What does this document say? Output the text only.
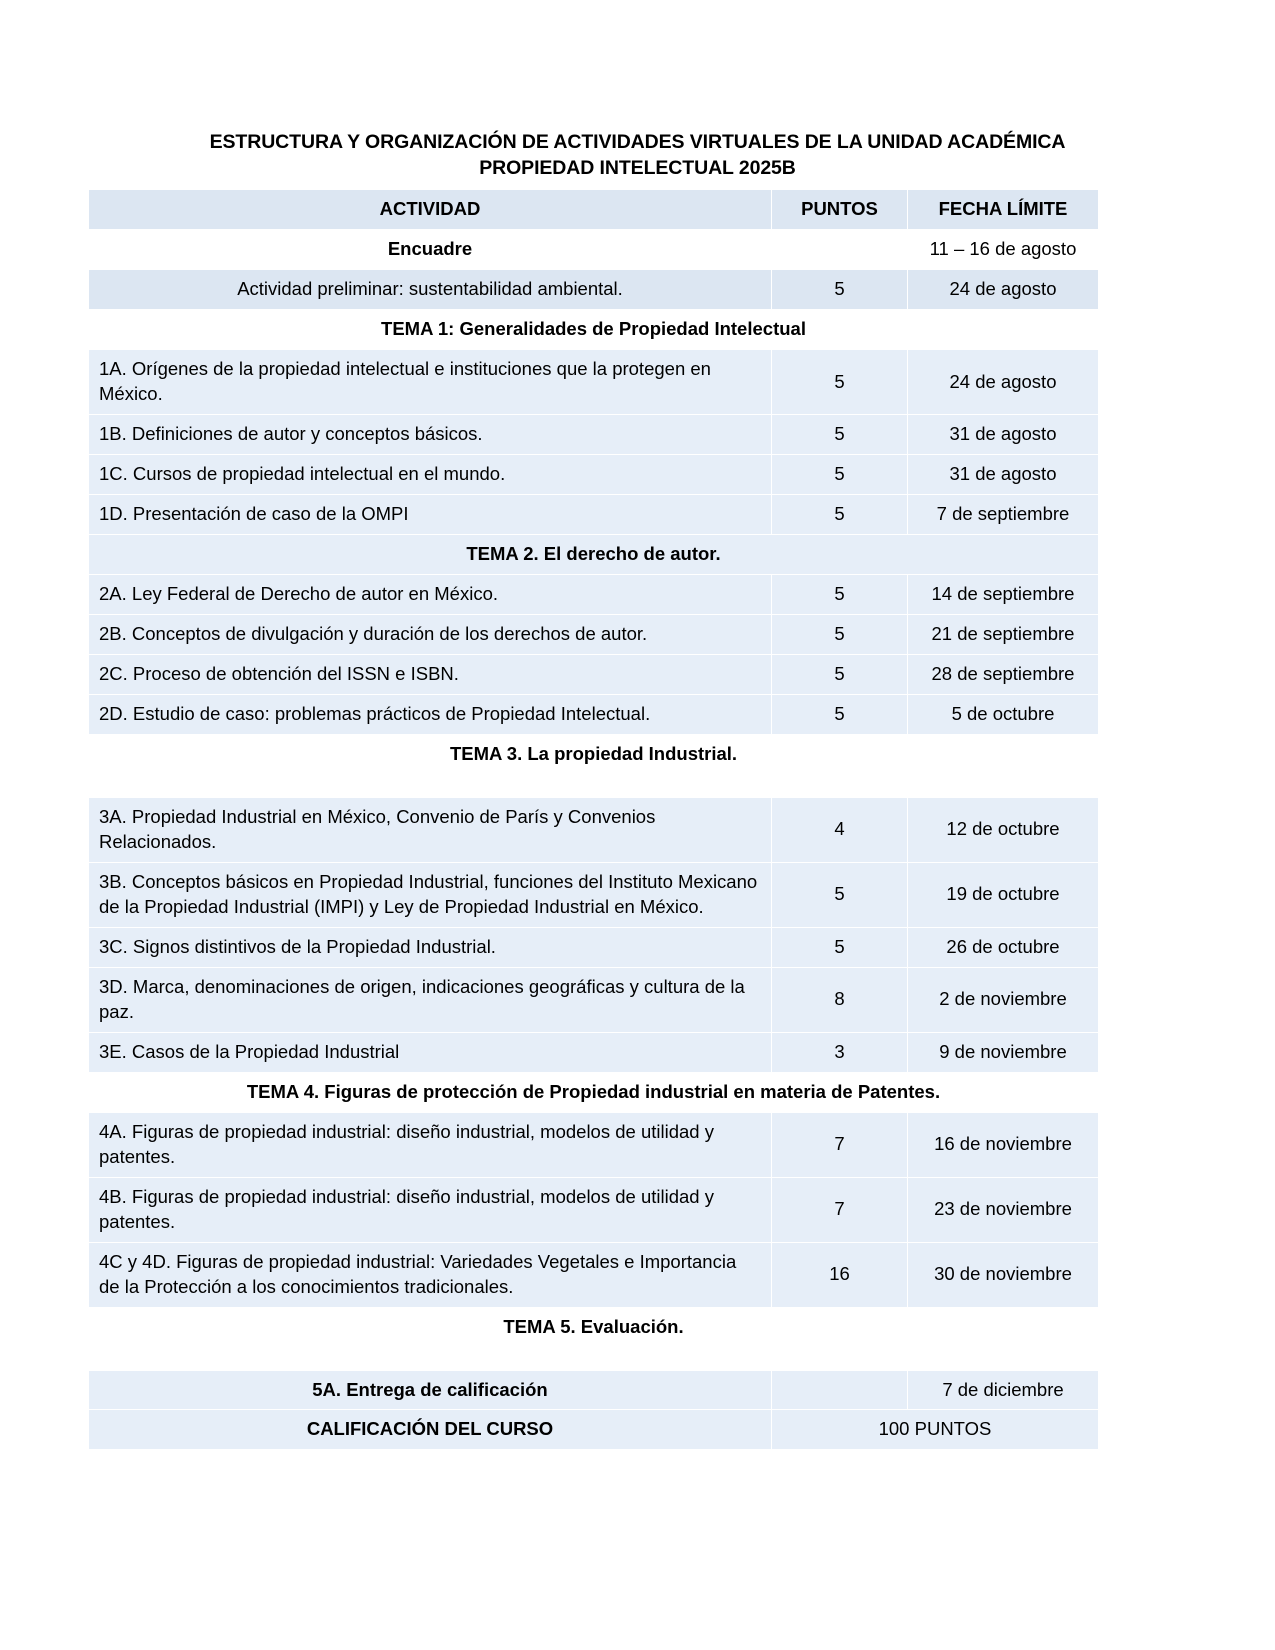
ESTRUCTURA Y ORGANIZACIÓN DE ACTIVIDADES VIRTUALES DE LA UNIDAD ACADÉMICA
PROPIEDAD INTELECTUAL 2025B
ACTIVIDAD	PUNTOS	FECHA LÍMITE
Encuadre		11 – 16 de agosto
Actividad preliminar: sustentabilidad ambiental.	5	24 de agosto
TEMA 1: Generalidades de Propiedad Intelectual		
1A. Orígenes de la propiedad intelectual e instituciones que la protegen en México.	5	24 de agosto
1B. Definiciones de autor y conceptos básicos.	5	31 de agosto
1C. Cursos de propiedad intelectual en el mundo.	5	31 de agosto
1D. Presentación de caso de la OMPI	5	7 de septiembre
TEMA 2. El derecho de autor.		
2A. Ley Federal de Derecho de autor en México.	5	14 de septiembre
2B. Conceptos de divulgación y duración de los derechos de autor.	5	21 de septiembre
2C. Proceso de obtención del ISSN e ISBN.	5	28 de septiembre
2D. Estudio de caso: problemas prácticos de Propiedad Intelectual.	5	5 de octubre
TEMA 3. La propiedad Industrial.		

3A. Propiedad Industrial en México, Convenio de París y Convenios Relacionados.	4	12 de octubre
3B. Conceptos básicos en Propiedad Industrial, funciones del Instituto Mexicano de la Propiedad Industrial (IMPI) y Ley de Propiedad Industrial en México.	5	19 de octubre
3C. Signos distintivos de la Propiedad Industrial.	5	26 de octubre
3D. Marca, denominaciones de origen, indicaciones geográficas y cultura de la paz.	8	2 de noviembre
3E. Casos de la Propiedad Industrial	3	9 de noviembre
TEMA 4. Figuras de protección de Propiedad industrial en materia de Patentes.		
4A. Figuras de propiedad industrial: diseño industrial, modelos de utilidad y patentes.	7	16 de noviembre
4B. Figuras de propiedad industrial: diseño industrial, modelos de utilidad y patentes.	7	23 de noviembre
4C y 4D. Figuras de propiedad industrial: Variedades Vegetales e Importancia de la Protección a los conocimientos tradicionales.	16	30 de noviembre
TEMA 5. Evaluación.		

5A. Entrega de calificación		7 de diciembre
CALIFICACIÓN DEL CURSO	100 PUNTOS	
